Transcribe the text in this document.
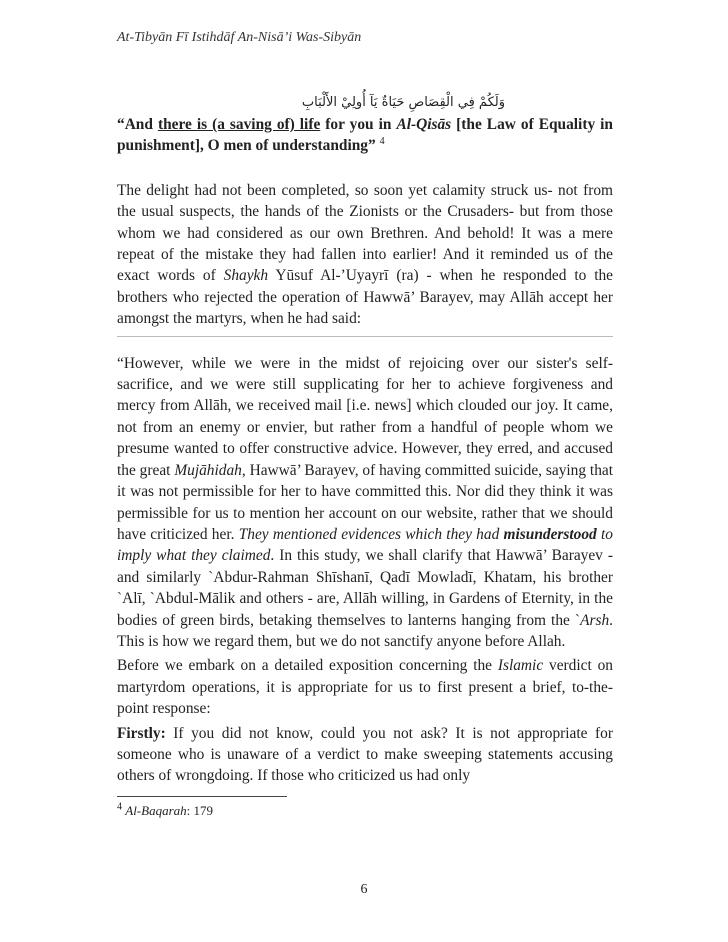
At-Tibyān Fī Istihdāf An-Nisā’i Was-Sibyān

وَلَكُمْ فِي الْقِصَاصِ حَيَاةٌ يَآ أُولِيْ الأَلْبَابِ

“And there is (a saving of) life for you in Al-Qisās [the Law of Equality in punishment], O men of understanding” $^4$

The delight had not been completed, so soon yet calamity struck us- not from the usual suspects, the hands of the Zionists or the Crusaders- but from those whom we had considered as our own Brethren. And behold! It was a mere repeat of the mistake they had fallen into earlier! And it reminded us of the exact words of Shaykh Yūsuf Al-’Uyayrī (ra) - when he responded to the brothers who rejected the operation of Hawwā’ Barayev, may Allāh accept her amongst the martyrs, when he had said:

“However, while we were in the midst of rejoicing over our sister's self-sacrifice, and we were still supplicating for her to achieve forgiveness and mercy from Allāh, we received mail [i.e. news] which clouded our joy. It came, not from an enemy or envier, but rather from a handful of people whom we presume wanted to offer constructive advice. However, they erred, and accused the great Mujāhidah, Hawwā’ Barayev, of having committed suicide, saying that it was not permissible for her to have committed this. Nor did they think it was permissible for us to mention her account on our website, rather that we should have criticized her. They mentioned evidences which they had misunderstood to imply what they claimed. In this study, we shall clarify that Hawwā’ Barayev - and similarly `Abdur-Rahman Shīshanī, Qadī Mowladī, Khatam, his brother `Alī, `Abdul-Mālik and others - are, Allāh willing, in Gardens of Eternity, in the bodies of green birds, betaking themselves to lanterns hanging from the `Arsh. This is how we regard them, but we do not sanctify anyone before Allah.

Before we embark on a detailed exposition concerning the Islamic verdict on martyrdom operations, it is appropriate for us to first present a brief, to-the-point response:

Firstly: If you did not know, could you not ask? It is not appropriate for someone who is unaware of a verdict to make sweeping statements accusing others of wrongdoing. If those who criticized us had only

$^4$ Al-Baqarah: 179

6
